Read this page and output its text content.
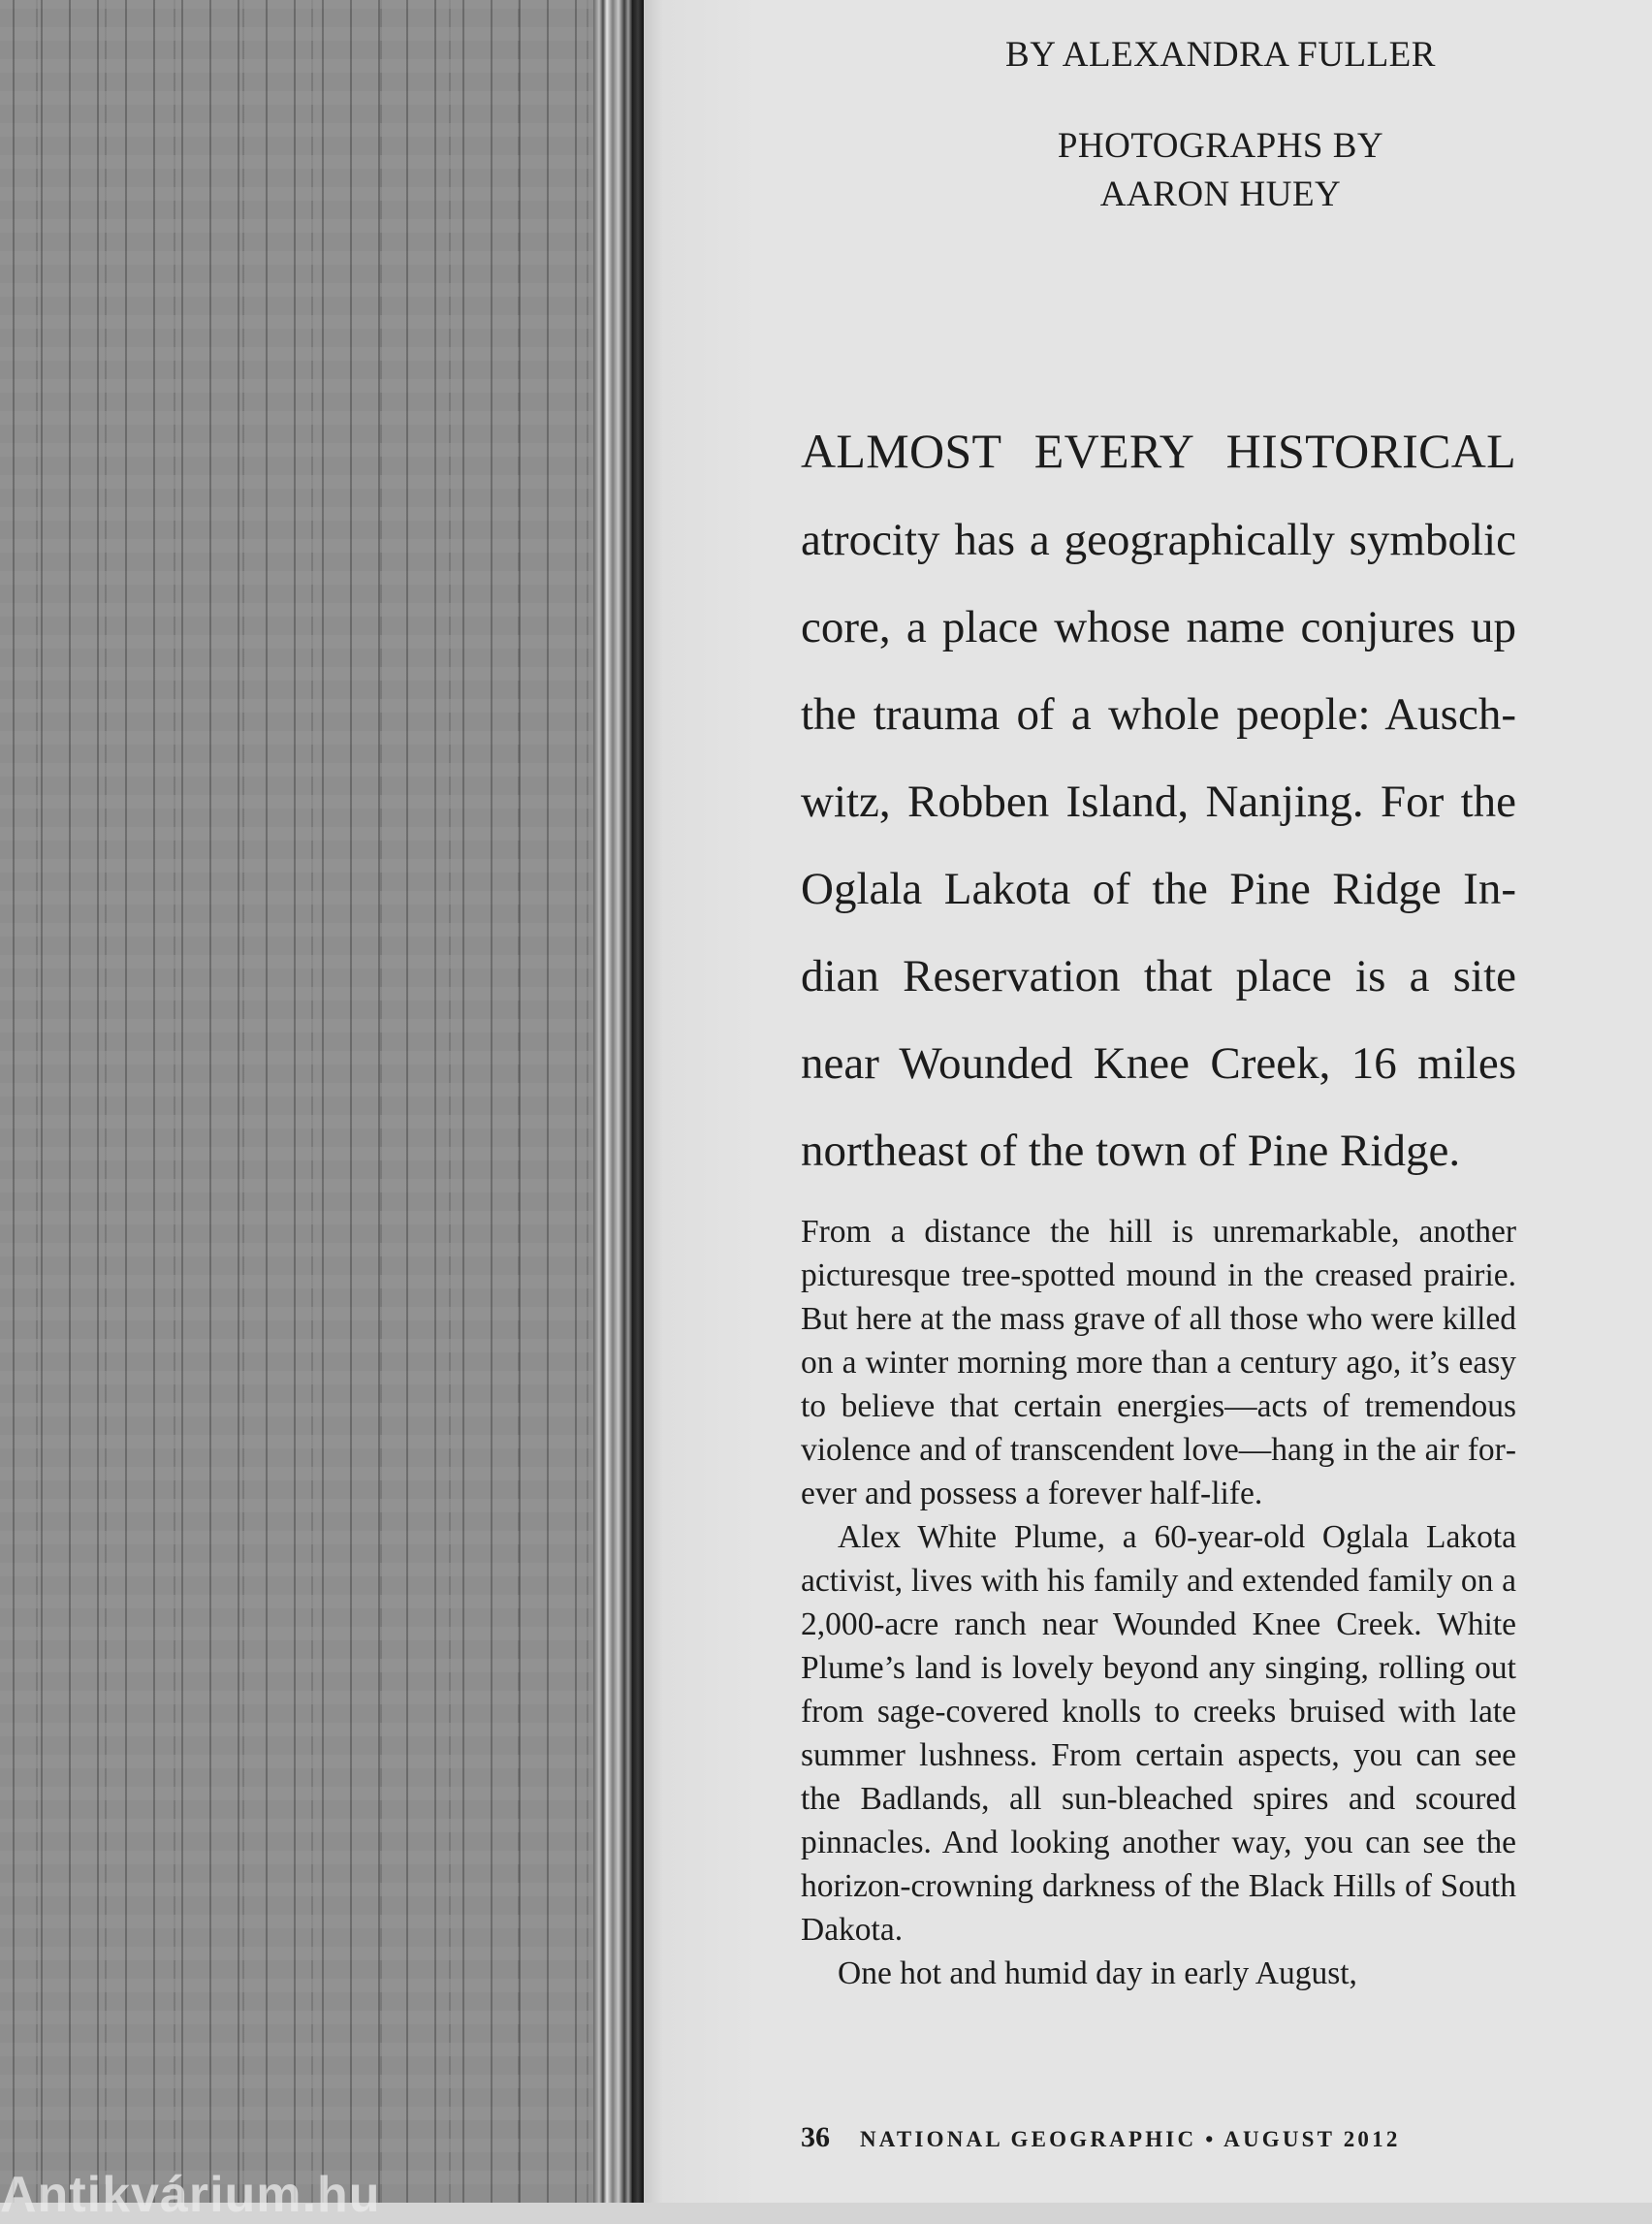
BY ALEXANDRA FULLER
PHOTOGRAPHS BY
AARON HUEY
ALMOST EVERY HISTORICAL atrocity has a geographically symbolic core, a place whose name conjures up the trauma of a whole people: Auschwitz, Robben Island, Nanjing. For the Oglala Lakota of the Pine Ridge Indian Reservation that place is a site near Wounded Knee Creek, 16 miles northeast of the town of Pine Ridge.

From a distance the hill is unremarkable, another picturesque tree-spotted mound in the creased prairie. But here at the mass grave of all those who were killed on a winter morning more than a century ago, it’s easy to believe that certain energies—acts of tremendous violence and of transcendent love—hang in the air forever and possess a forever half-life.

Alex White Plume, a 60-year-old Oglala Lakota activist, lives with his family and extended family on a 2,000-acre ranch near Wounded Knee Creek. White Plume’s land is lovely beyond any singing, rolling out from sage-covered knolls to creeks bruised with late summer lushness. From certain aspects, you can see the Badlands, all sun-bleached spires and scoured pinnacles. And looking another way, you can see the horizon-crowning darkness of the Black Hills of South Dakota.

One hot and humid day in early August,

36 NATIONAL GEOGRAPHIC • AUGUST 2012
Antikvárium.hu
